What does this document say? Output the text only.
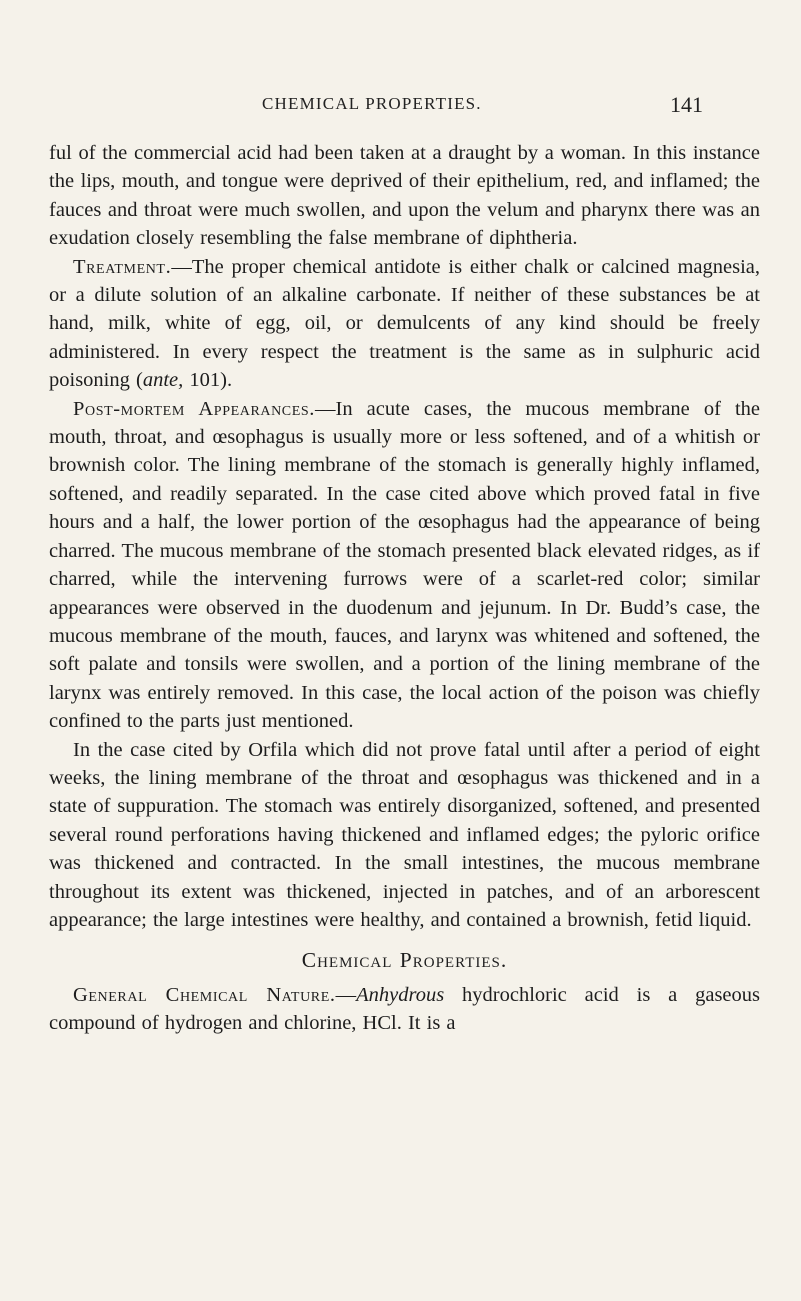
CHEMICAL PROPERTIES.	141

ful of the commercial acid had been taken at a draught by a woman. In this instance the lips, mouth, and tongue were deprived of their epithelium, red, and inflamed; the fauces and throat were much swollen, and upon the velum and pharynx there was an exudation closely resembling the false membrane of diphtheria.

Treatment.—The proper chemical antidote is either chalk or calcined magnesia, or a dilute solution of an alkaline carbonate. If neither of these substances be at hand, milk, white of egg, oil, or demulcents of any kind should be freely administered. In every respect the treatment is the same as in sulphuric acid poisoning (ante, 101).

Post-mortem Appearances.—In acute cases, the mucous membrane of the mouth, throat, and œsophagus is usually more or less softened, and of a whitish or brownish color. The lining membrane of the stomach is generally highly inflamed, softened, and readily separated. In the case cited above which proved fatal in five hours and a half, the lower portion of the œsophagus had the appearance of being charred. The mucous membrane of the stomach presented black elevated ridges, as if charred, while the intervening furrows were of a scarlet-red color; similar appearances were observed in the duodenum and jejunum. In Dr. Budd’s case, the mucous membrane of the mouth, fauces, and larynx was whitened and softened, the soft palate and tonsils were swollen, and a portion of the lining membrane of the larynx was entirely removed. In this case, the local action of the poison was chiefly confined to the parts just mentioned.

In the case cited by Orfila which did not prove fatal until after a period of eight weeks, the lining membrane of the throat and œsophagus was thickened and in a state of suppuration. The stomach was entirely disorganized, softened, and presented several round perforations having thickened and inflamed edges; the pyloric orifice was thickened and contracted. In the small intestines, the mucous membrane throughout its extent was thickened, injected in patches, and of an arborescent appearance; the large intestines were healthy, and contained a brownish, fetid liquid.

Chemical Properties.

General Chemical Nature.—Anhydrous hydrochloric acid is a gaseous compound of hydrogen and chlorine, HCl. It is a
